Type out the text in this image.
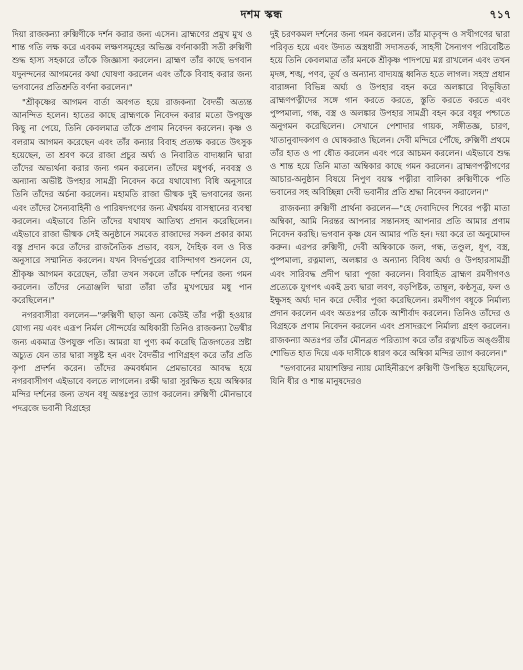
দশম স্কন্ধ	৭১৭

দিয়া রাজকন্যা রুক্মিণীকে দর্শন করার জন্য এসেন। ব্রাহ্মণের প্রমুখ মুখ ও শান্ত গতি লক্ষ করে এবকম লক্ষণসমূহের অভিজ্ঞ বর্ণনাকারী সতী রুক্মিণী শুদ্ধ হাস্য সহকারে তাঁকে জিজ্ঞাসা করলেন। ব্রাহ্মণ তাঁর কাছে ভগবান যদুনন্দনের আগমনের কথা ঘোষণা করলেন এবং তাঁকে বিবাহ করার জন্য ভগবানের প্রতিশ্রুতি বর্ণনা করলেন।"

"শ্রীকৃষ্ণের আগমন বার্তা অবগত হয়ে রাজকন্যা বৈদর্ভী অত্যন্ত আনন্দিত হলেন। হাতের কাছে ব্রাহ্মণকে নিবেদন করার মতো উপযুক্ত কিছু না পেয়ে, তিনি কেবলমাত্র তাঁকে প্রণাম নিবেদন করলেন। কৃষ্ণ ও বলরাম আগমন করেছেন এবং তাঁর কন্যার বিবাহ প্রত্যক্ষ করতে উৎসুক হয়েছেন, তা শ্রবণ করে রাজা প্রচুর অর্ঘ্য ও নিবারিত বাদ্যধ্বনি দ্বারা তাঁদের অভ্যর্থনা করার জন্য গমন করলেন। তাঁদের মধুপর্ক, নববস্ত্র ও অন্যান্য অভীষ্ট উপহার সামগ্রী নিবেদন করে যথাযোগ্য বিধি অনুসারে তিনি তাঁদের অর্চনা করলেন। মহামতি রাজা ভীষ্মক দুই ভগবানের জন্য এবং তাঁদের সৈন্যবাহিনী ও পারিষদগণের জন্য ঐশ্বর্যময় বাসস্থানের ব্যবস্থা করলেন। এইভাবে তিনি তাঁদের যথাযথ আতিথ্য প্রদান করেছিলেন। এইভাবে রাজা ভীষ্মক সেই অনুষ্ঠানে সমবেত রাজাদের সকল প্রকার কাম্য বস্তু প্রদান করে তাঁদের রাজনৈতিক প্রভাব, বয়স, দৈহিক বল ও বিত্ত অনুসারে সম্মানিত করলেন। যখন বিদর্ভপুরের বাসিন্দাগণ শুনলেন যে, শ্রীকৃষ্ণ আগমন করেছেন, তাঁরা তখন সকলে তাঁকে দর্শনের জন্য গমন করলেন। তাঁদের নেত্রাঞ্জলি দ্বারা তাঁরা তাঁর মুখপদ্মের মধু পান করেছিলেন।"

নগরবাসীরা বললেন—"রুক্মিণী ছাড়া অন্য কেউই তাঁর পত্নী হওয়ার যোগ্য নয় এবং এরূপ নির্মল সৌন্দর্যের অধিকারী তিনিও রাজকন্যা ভৈষ্মীর জন্য একমাত্র উপযুক্ত পতি। আমরা যা পুণ্য কর্ম করেছি ত্রিজগতের স্রষ্টা অচ্যুত যেন তার দ্বারা সন্তুষ্ট হন এবং বৈদর্ভীর পাণিগ্রহণ করে তাঁর প্রতি কৃপা প্রদর্শন করেন। তাঁদের ক্রমবর্ধমান প্রেমভাবের আবদ্ধ হয়ে নগরবাসীগণ এইভাবে বলতে লাগলেন। রক্ষী দ্বারা সুরক্ষিত হয়ে অম্বিকার মন্দির দর্শনের জন্য তখন বধূ অন্তঃপুর ত্যাগ করলেন। রুক্মিণী মৌনভাবে পদব্রজে ভবানী বিগ্রহের

দুই চরণকমল দর্শনের জন্য গমন করলেন। তাঁর মাতৃবৃন্দ ও সখীগণের দ্বারা পরিবৃত হয়ে এবং উদ্যত অস্ত্রধারী সদাসতর্ক, সাহসী সৈন্যগণ পরিবেষ্টিত হয়ে তিনি কেবলমাত্র তাঁর মনকে শ্রীকৃষ্ণ পাদপদ্মে মগ্ন রাখলেন এবং তখন মৃদঙ্গ, শঙ্খ, পণব, তূর্য ও অন্যান্য বাদ্যযন্ত্র ধ্বনিত হতে লাগল। সহস্র প্রধান বারাঙ্গনা বিভিন্ন অর্ঘ্য ও উপহার বহন করে অলঙ্কারে বিভূষিতা ব্রাহ্মণপত্নীদের সঙ্গে গান করতে করতে, স্তুতি করতে করতে এবং পুষ্পমাল্য, গন্ধ, বস্ত্র ও অলঙ্কার উপহার সামগ্রী বহন করে বধূর পশ্চাতে অনুগমন করেছিলেন। সেখানে পেশাদার গায়ক, সঙ্গীতজ্ঞ, চারণ, খাতানুবাদকগণ ও ঘোষকরাও ছিলেন। দেবী মন্দিরে পৌঁছে, রুক্মিণী প্রথমে তাঁর হাত ও পা ধৌত করলেন এবং পরে আচমন করলেন। এইভাবে শুদ্ধ ও শান্ত হয়ে তিনি মাতা অম্বিকার কাছে গমন করলেন। ব্রাহ্মণপত্নীগণের আচার-অনুষ্ঠান বিষয়ে নিপুণ বয়স্ক পত্নীরা বালিকা রুক্মিণীকে পতি ভবানের সহ অবিচ্ছিন্না দেবী ভবানীর প্রতি শ্রদ্ধা নিবেদন করালেন।"

রাজকন্যা রুক্মিণী প্রার্থনা করলেন—"হে দেবাদিদেব শিবের পত্নী মাতা অম্বিকা, আমি নিরন্তর আপনার সন্তানসহ আপনার প্রতি আমার প্রণাম নিবেদন করছি। ভগবান কৃষ্ণ যেন আমার পতি হন। দয়া করে তা অনুমোদন করুন। এরপর রুক্মিণী, দেবী অম্বিকাকে জল, গন্ধ, তণ্ডুল, ধূপ, বস্ত্র, পুষ্পমাল্য, রত্নমাল্য, অলঙ্কার ও অন্যান্য বিবিধ অর্ঘ্য ও উপহারসামগ্রী এবং সারিবদ্ধ প্রদীপ দ্বারা পূজা করলেন। বিবাহিত ব্রাহ্মণ রমণীগণও প্রত্যেকে যুগপৎ একই দ্রব্য দ্বারা লবণ, বড়পিষ্টক, তাম্বূল, কণ্ঠসূত্র, ফল ও ইক্ষুসহ অর্ঘ্য দান করে দেবীর পূজা করেছিলেন। রমণীগণ বধূকে নির্মাল্য প্রদান করলেন এবং অতঃপর তাঁকে আশীর্বাদ করলেন। তিনিও তাঁদের ও বিগ্রহকে প্রণাম নিবেদন করলেন এবং প্রসাদরূপে নির্মাল্য গ্রহণ করলেন। রাজকন্যা অতঃপর তাঁর মৌনব্রত পরিত্যাগ করে তাঁর রত্নখচিত অঙ্গুরীয় শোভিত হাত দিয়ে এক দাসীকে ধারণ করে অম্বিকা মন্দির ত্যাগ করলেন।"

"ভগবানের মায়াশক্তির ন্যায় মোহিনীরূপে রুক্মিণী উপস্থিত হয়েছিলেন, যিনি ধীর ও শান্ত মানুষদেরও
